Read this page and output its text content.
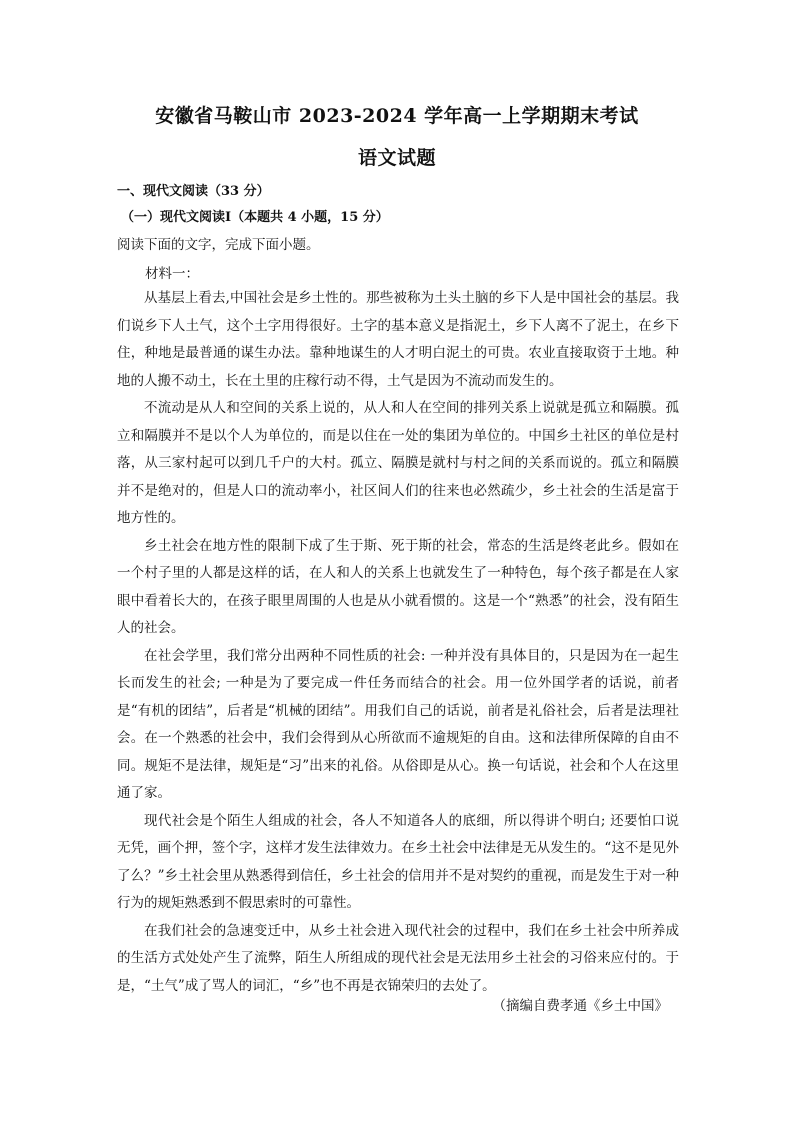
安徽省马鞍山市 2023-2024 学年高一上学期期末考试
语文试题
一、现代文阅读（33 分）
（一）现代文阅读Ⅰ（本题共 4 小题，15 分）
阅读下面的文字，完成下面小题。
材料一：

从基层上看去,中国社会是乡土性的。那些被称为土头土脑的乡下人是中国社会的基层。我们说乡下人土气，这个土字用得很好。土字的基本意义是指泥土，乡下人离不了泥土，在乡下住，种地是最普通的谋生办法。靠种地谋生的人才明白泥土的可贵。农业直接取资于土地。种地的人搬不动土，长在土里的庄稼行动不得，土气是因为不流动而发生的。

不流动是从人和空间的关系上说的，从人和人在空间的排列关系上说就是孤立和隔膜。孤立和隔膜并不是以个人为单位的，而是以住在一处的集团为单位的。中国乡土社区的单位是村落，从三家村起可以到几千户的大村。孤立、隔膜是就村与村之间的关系而说的。孤立和隔膜并不是绝对的，但是人口的流动率小，社区间人们的往来也必然疏少，乡土社会的生活是富于地方性的。

乡土社会在地方性的限制下成了生于斯、死于斯的社会，常态的生活是终老此乡。假如在一个村子里的人都是这样的话，在人和人的关系上也就发生了一种特色，每个孩子都是在人家眼中看着长大的，在孩子眼里周围的人也是从小就看惯的。这是一个“熟悉”的社会，没有陌生人的社会。

在社会学里，我们常分出两种不同性质的社会: 一种并没有具体目的，只是因为在一起生长而发生的社会; 一种是为了要完成一件任务而结合的社会。用一位外国学者的话说，前者是“有机的团结”，后者是“机械的团结”。用我们自己的话说，前者是礼俗社会，后者是法理社会。在一个熟悉的社会中，我们会得到从心所欲而不逾规矩的自由。这和法律所保障的自由不同。规矩不是法律，规矩是“习”出来的礼俗。从俗即是从心。换一句话说，社会和个人在这里通了家。

现代社会是个陌生人组成的社会，各人不知道各人的底细，所以得讲个明白; 还要怕口说无凭，画个押，签个字，这样才发生法律效力。在乡土社会中法律是无从发生的。“这不是见外了么？”乡土社会里从熟悉得到信任，乡土社会的信用并不是对契约的重视，而是发生于对一种行为的规矩熟悉到不假思索时的可靠性。

在我们社会的急速变迁中，从乡土社会进入现代社会的过程中，我们在乡土社会中所养成的生活方式处处产生了流弊，陌生人所组成的现代社会是无法用乡土社会的习俗来应付的。于是，“土气”成了骂人的词汇，“乡”也不再是衣锦荣归的去处了。

（摘编自费孝通《乡土中国》
